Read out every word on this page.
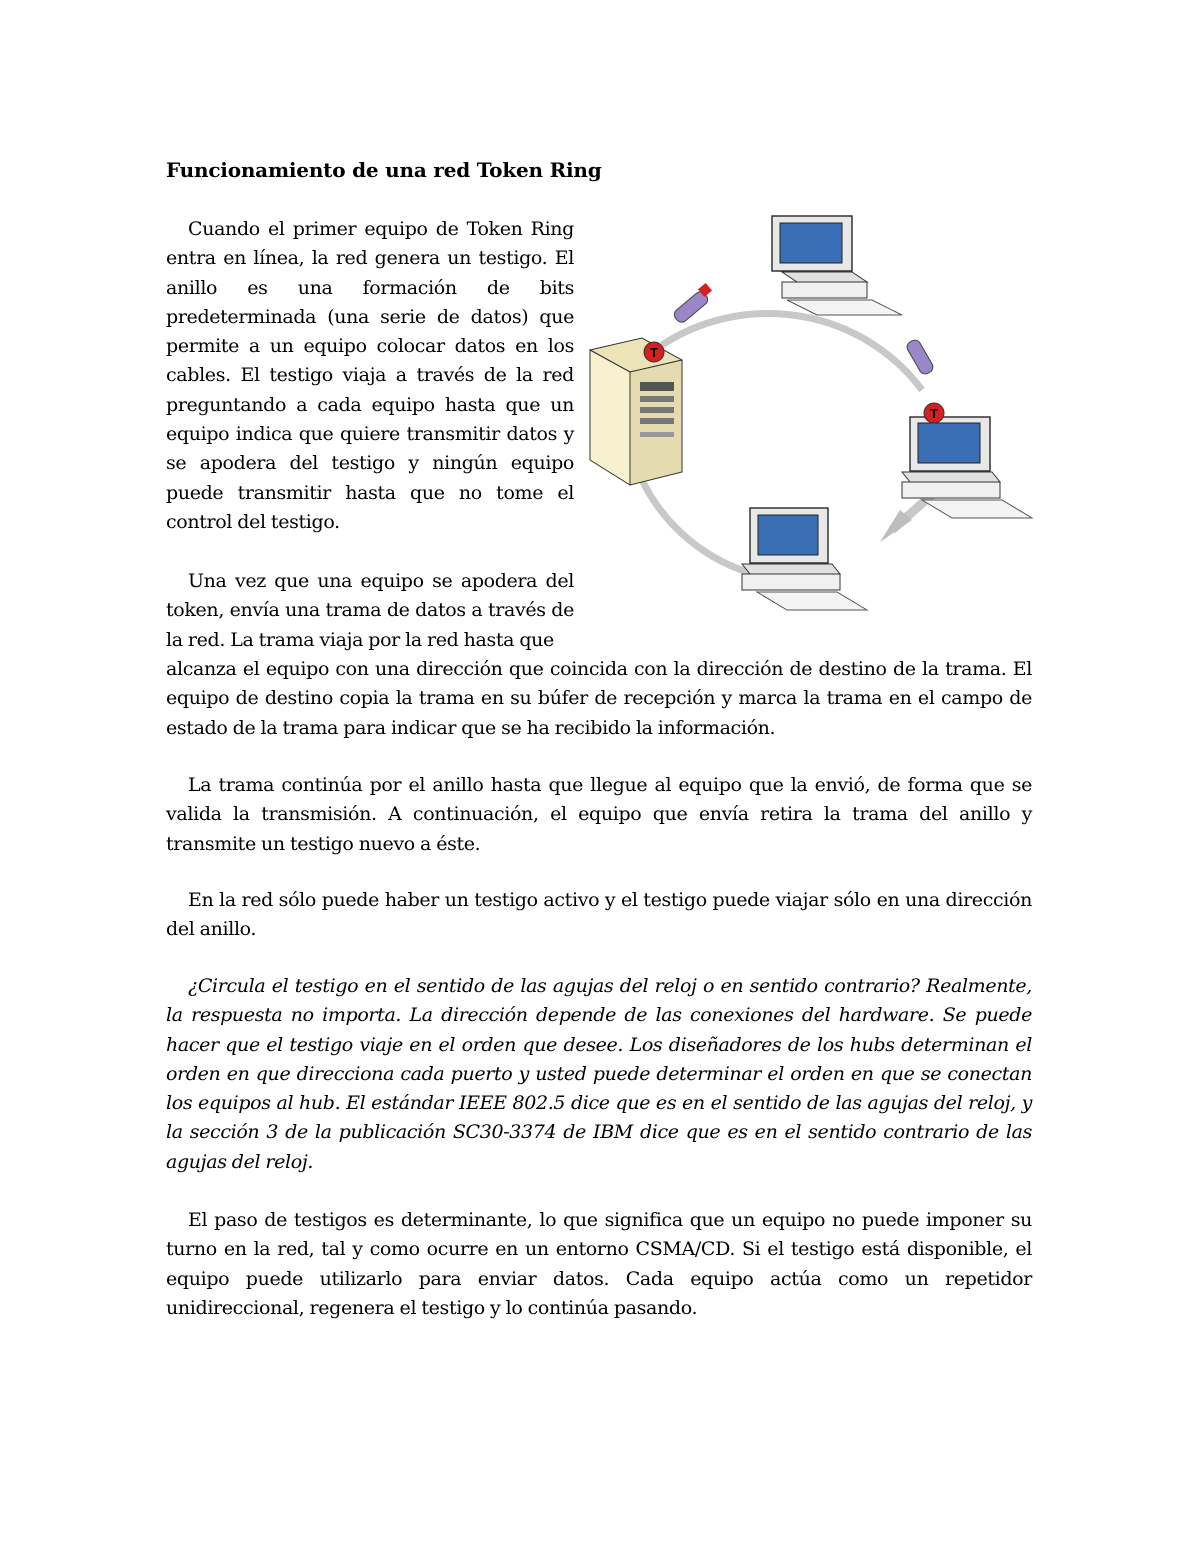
Funcionamiento de una red Token Ring

Cuando el primer equipo de Token Ring entra en línea, la red genera un testigo. El anillo es una formación de bits predeterminada (una serie de datos) que permite a un equipo colocar datos en los cables. El testigo viaja a través de la red preguntando a cada equipo hasta que un equipo indica que quiere transmitir datos y se apodera del testigo y ningún equipo puede transmitir hasta que no tome el control del testigo.

Una vez que una equipo se apodera del token, envía una trama de datos a través de la red. La trama viaja por la red hasta que

alcanza el equipo con una dirección que coincida con la dirección de destino de la trama. El equipo de destino copia la trama en su búfer de recepción y marca la trama en el campo de estado de la trama para indicar que se ha recibido la información.

La trama continúa por el anillo hasta que llegue al equipo que la envió, de forma que se valida la transmisión. A continuación, el equipo que envía retira la trama del anillo y transmite un testigo nuevo a éste.

En la red sólo puede haber un testigo activo y el testigo puede viajar sólo en una dirección del anillo.

¿Circula el testigo en el sentido de las agujas del reloj o en sentido contrario? Realmente, la respuesta no importa. La dirección depende de las conexiones del hardware. Se puede hacer que el testigo viaje en el orden que desee. Los diseñadores de los hubs determinan el orden en que direcciona cada puerto y usted puede determinar el orden en que se conectan los equipos al hub. El estándar IEEE 802.5 dice que es en el sentido de las agujas del reloj, y la sección 3 de la publicación SC30-3374 de IBM dice que es en el sentido contrario de las agujas del reloj.

El paso de testigos es determinante, lo que significa que un equipo no puede imponer su turno en la red, tal y como ocurre en un entorno CSMA/CD. Si el testigo está disponible, el equipo puede utilizarlo para enviar datos. Cada equipo actúa como un repetidor unidireccional, regenera el testigo y lo continúa pasando.

T
T
